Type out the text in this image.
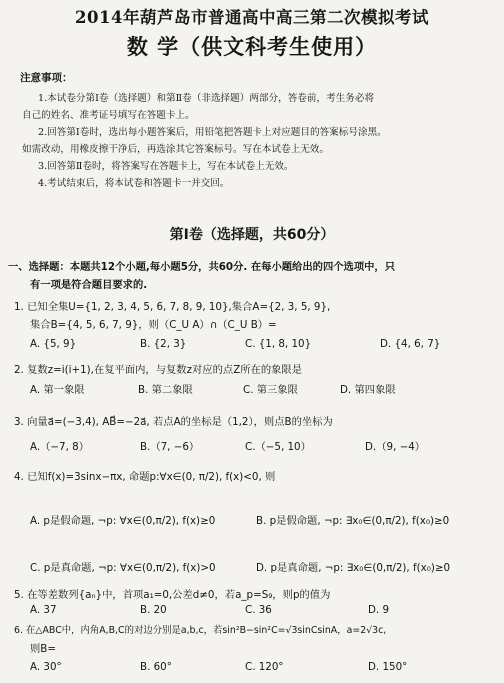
2014年葫芦岛市普通高中高三第二次模拟考试
数 学（供文科考生使用）
注意事项：
1.本试卷分第Ⅰ卷（选择题）和第Ⅱ卷（非选择题）两部分，答卷前，考生务必将
自己的姓名、准考证号填写在答题卡上。
2.回答第Ⅰ卷时，选出每小题答案后，用铅笔把答题卡上对应题目的答案标号涂黑。
如需改动，用橡皮擦干净后，再选涂其它答案标号。写在本试卷上无效。
3.回答第Ⅱ卷时，将答案写在答题卡上，写在本试卷上无效。
4.考试结束后，将本试卷和答题卡一并交回。
第Ⅰ卷（选择题，共60分）
一、选择题：本题共12个小题,每小题5分，共60分. 在每小题给出的四个选项中，只
有一项是符合题目要求的.
1. 已知全集U={1, 2, 3, 4, 5, 6, 7, 8, 9, 10},集合A={2, 3, 5, 9},
集合B={4, 5, 6, 7, 9}，则（C_U A）∩（C_U B）=
A. {5, 9}	B. {2, 3}	C. {1, 8, 10}	D. {4, 6, 7}
2. 复数z=i(i+1),在复平面内，与复数z对应的点Z所在的象限是
A. 第一象限	B. 第二象限	C. 第三象限	D. 第四象限
3. 向量a⃗=(−3,4), AB⃗=−2a⃗, 若点A的坐标是（1,2），则点B的坐标为
A.（−7, 8）	B.（7, −6）	C.（−5, 10）	D.（9, −4）
4. 已知f(x)=3sinx−πx, 命题p:∀x∈(0, π/2), f(x)<0, 则
A. p是假命题, ¬p: ∀x∈(0,π/2), f(x)≥0	B. p是假命题, ¬p: ∃x₀∈(0,π/2), f(x₀)≥0
C. p是真命题, ¬p: ∀x∈(0,π/2), f(x)>0	D. p是真命题, ¬p: ∃x₀∈(0,π/2), f(x₀)≥0
5. 在等差数列{aₙ}中，首项a₁=0,公差d≠0，若a_p=S₉，则p的值为
A. 37	B. 20	C. 36	D. 9
6. 在△ABC中，内角A,B,C的对边分别是a,b,c，若sin²B−sin²C=√3sinCsinA，a=2√3c,
则B=
A. 30°	B. 60°	C. 120°	D. 150°
